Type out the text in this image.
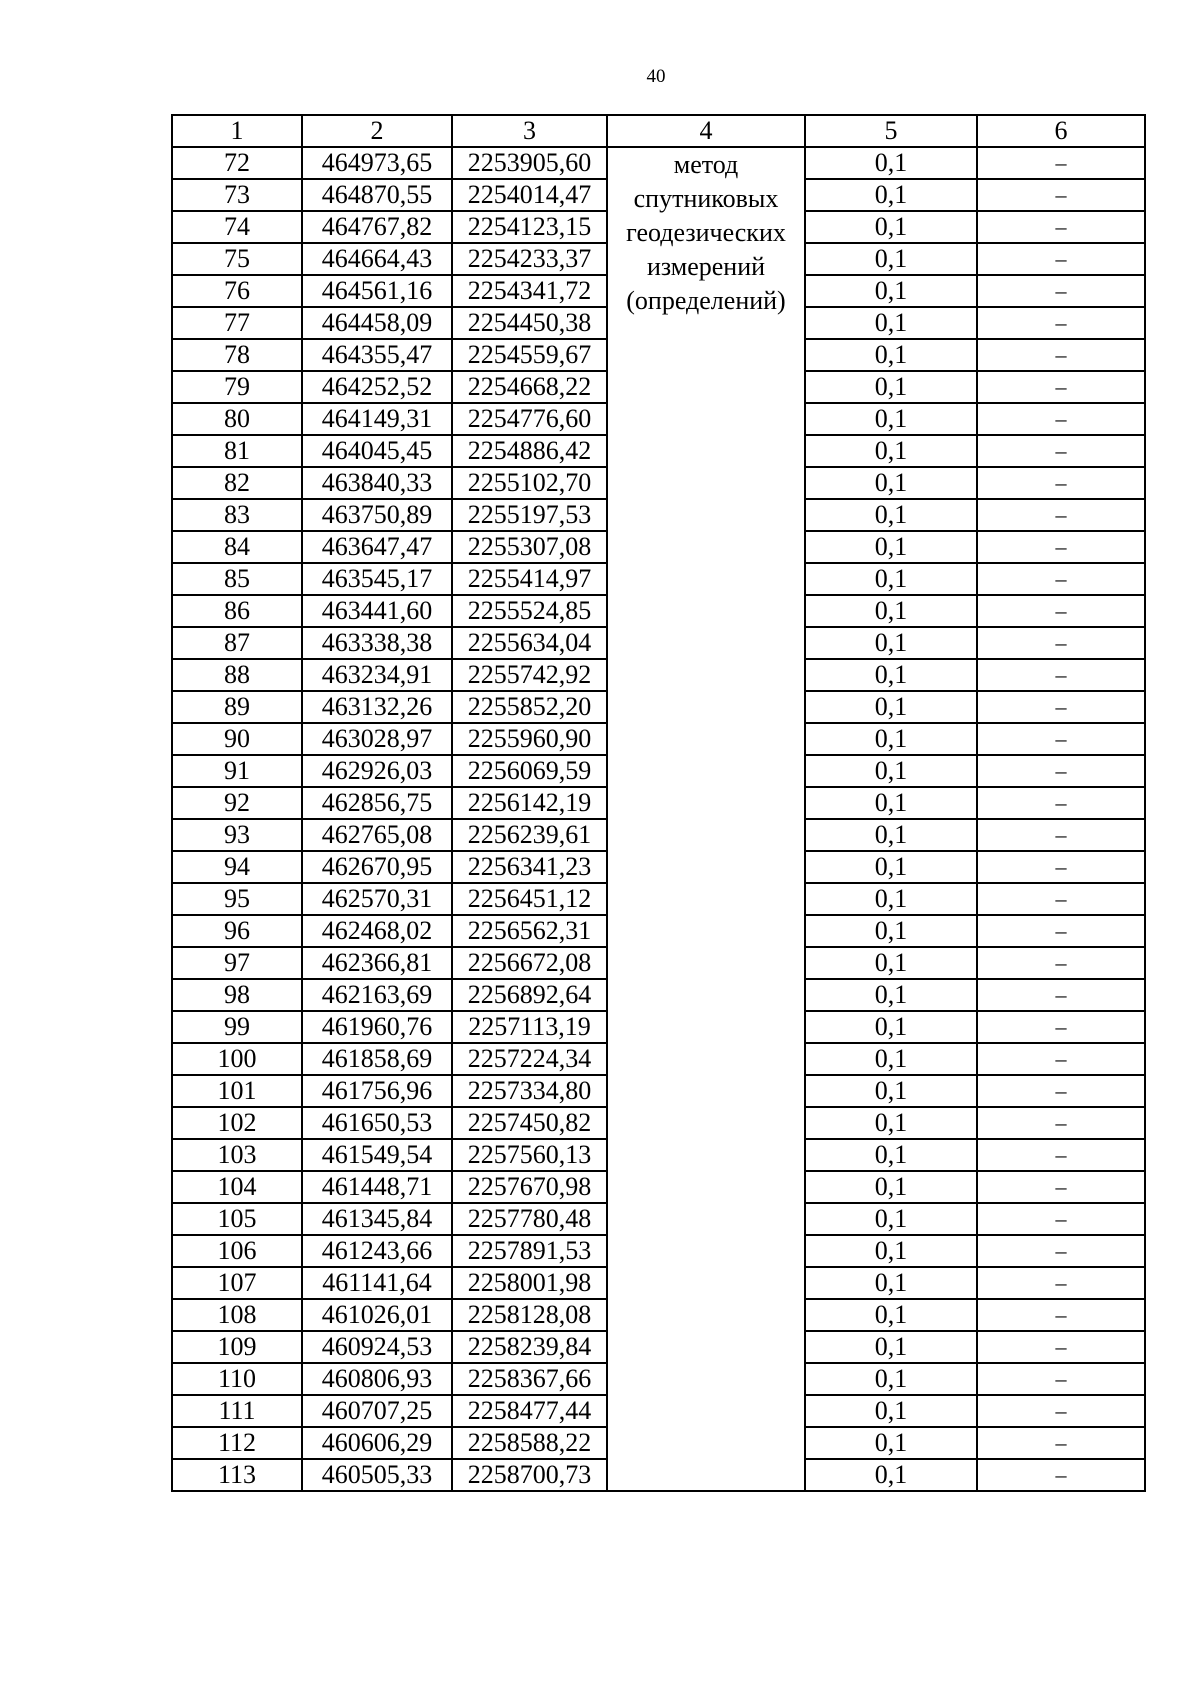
40
1	2	3	4	5	6
72	464973,65	2253905,60	метод
спутниковых
геодезических
измерений
(определений)	0,1	–
73	464870,55	2254014,47		0,1	–
74	464767,82	2254123,15		0,1	–
75	464664,43	2254233,37		0,1	–
76	464561,16	2254341,72		0,1	–
77	464458,09	2254450,38		0,1	–
78	464355,47	2254559,67		0,1	–
79	464252,52	2254668,22		0,1	–
80	464149,31	2254776,60		0,1	–
81	464045,45	2254886,42		0,1	–
82	463840,33	2255102,70		0,1	–
83	463750,89	2255197,53		0,1	–
84	463647,47	2255307,08		0,1	–
85	463545,17	2255414,97		0,1	–
86	463441,60	2255524,85		0,1	–
87	463338,38	2255634,04		0,1	–
88	463234,91	2255742,92		0,1	–
89	463132,26	2255852,20		0,1	–
90	463028,97	2255960,90		0,1	–
91	462926,03	2256069,59		0,1	–
92	462856,75	2256142,19		0,1	–
93	462765,08	2256239,61		0,1	–
94	462670,95	2256341,23		0,1	–
95	462570,31	2256451,12		0,1	–
96	462468,02	2256562,31		0,1	–
97	462366,81	2256672,08		0,1	–
98	462163,69	2256892,64		0,1	–
99	461960,76	2257113,19		0,1	–
100	461858,69	2257224,34		0,1	–
101	461756,96	2257334,80		0,1	–
102	461650,53	2257450,82		0,1	–
103	461549,54	2257560,13		0,1	–
104	461448,71	2257670,98		0,1	–
105	461345,84	2257780,48		0,1	–
106	461243,66	2257891,53		0,1	–
107	461141,64	2258001,98		0,1	–
108	461026,01	2258128,08		0,1	–
109	460924,53	2258239,84		0,1	–
110	460806,93	2258367,66		0,1	–
111	460707,25	2258477,44		0,1	–
112	460606,29	2258588,22		0,1	–
113	460505,33	2258700,73		0,1	–
